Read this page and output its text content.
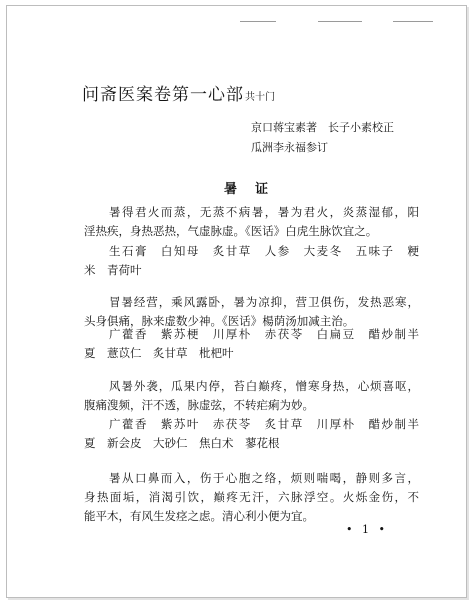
问斋医案卷第一心部共十门
京口蒋宝素著　长子小素校正
瓜洲李永福参订
暑证
暑得君火而蒸，无蒸不病暑，暑为君火，炎蒸湿郁，阳
淫热疾，身热恶热，气虚脉虚。《医话》白虎生脉饮宜之。
生石膏　白知母　炙甘草　人参　大麦冬　五味子　粳
米　青荷叶
冒暑经营，乘风露卧，暑为凉抑，营卫俱伤，发热恶寒，
头身俱痛，脉来虚数少神。《医话》楊荫汤加减主治。
广藿香　紫苏梗　川厚朴　赤茯苓　白扁豆　醋炒制半
夏　薏苡仁　炙甘草　枇杷叶
风暑外袭，瓜果内停，苔白巅疼，憎寒身热，心烦喜呕，
腹痛溲频，汗不透，脉虚弦，不转疟痢为妙。
广藿香　紫苏叶　赤茯苓　炙甘草　川厚朴　醋炒制半
夏　新会皮　大砂仁　焦白术　蓼花根
暑从口鼻而入，伤于心胞之络，烦则喘喝，静则多言，
身热面垢，消渴引饮，巅疼无汗，六脉浮空。火烁金伤，不
能平木，有风生发痉之虑。清心利小便为宜。
• 1 •
